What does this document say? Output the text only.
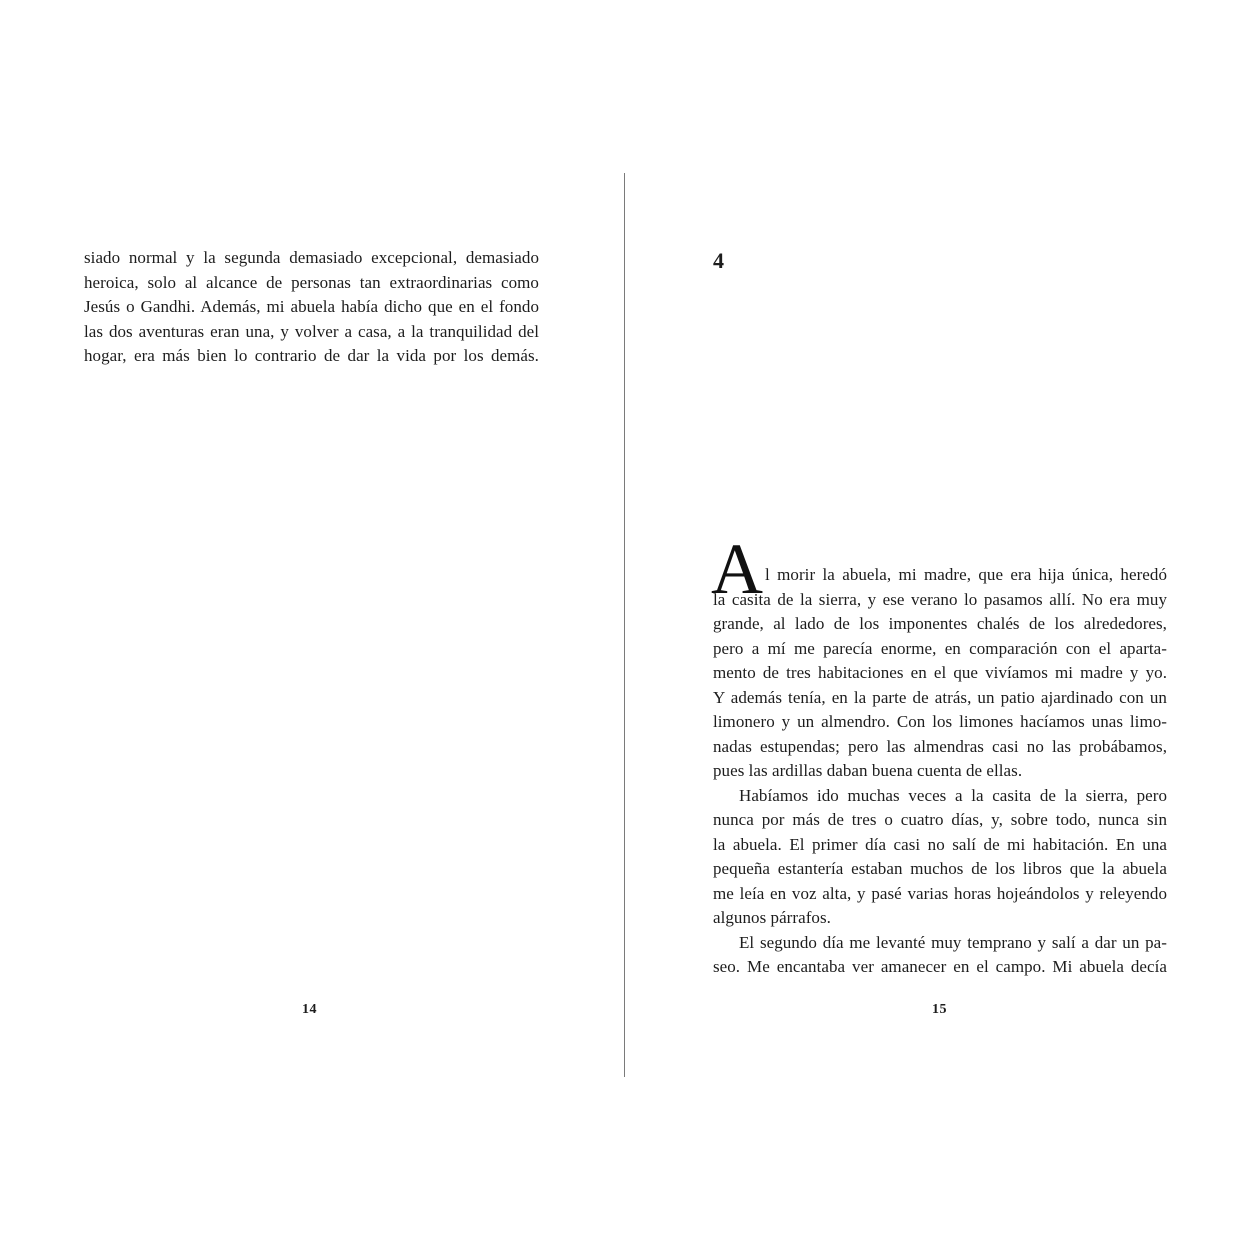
siado normal y la segunda demasiado excepcional, demasiado
heroica, solo al alcance de personas tan extraordinarias como
Jesús o Gandhi. Además, mi abuela había dicho que en el fondo
las dos aventuras eran una, y volver a casa, a la tranquilidad del
hogar, era más bien lo contrario de dar la vida por los demás.
14
4
A l morir la abuela, mi madre, que era hija única, heredó
la casita de la sierra, y ese verano lo pasamos allí. No era muy
grande, al lado de los imponentes chalés de los alrededores,
pero a mí me parecía enorme, en comparación con el aparta-
mento de tres habitaciones en el que vivíamos mi madre y yo.
Y además tenía, en la parte de atrás, un patio ajardinado con un
limonero y un almendro. Con los limones hacíamos unas limo-
nadas estupendas; pero las almendras casi no las probábamos,
pues las ardillas daban buena cuenta de ellas.
Habíamos ido muchas veces a la casita de la sierra, pero
nunca por más de tres o cuatro días, y, sobre todo, nunca sin
la abuela. El primer día casi no salí de mi habitación. En una
pequeña estantería estaban muchos de los libros que la abuela
me leía en voz alta, y pasé varias horas hojeándolos y releyendo
algunos párrafos.
El segundo día me levanté muy temprano y salí a dar un pa-
seo. Me encantaba ver amanecer en el campo. Mi abuela decía
15
